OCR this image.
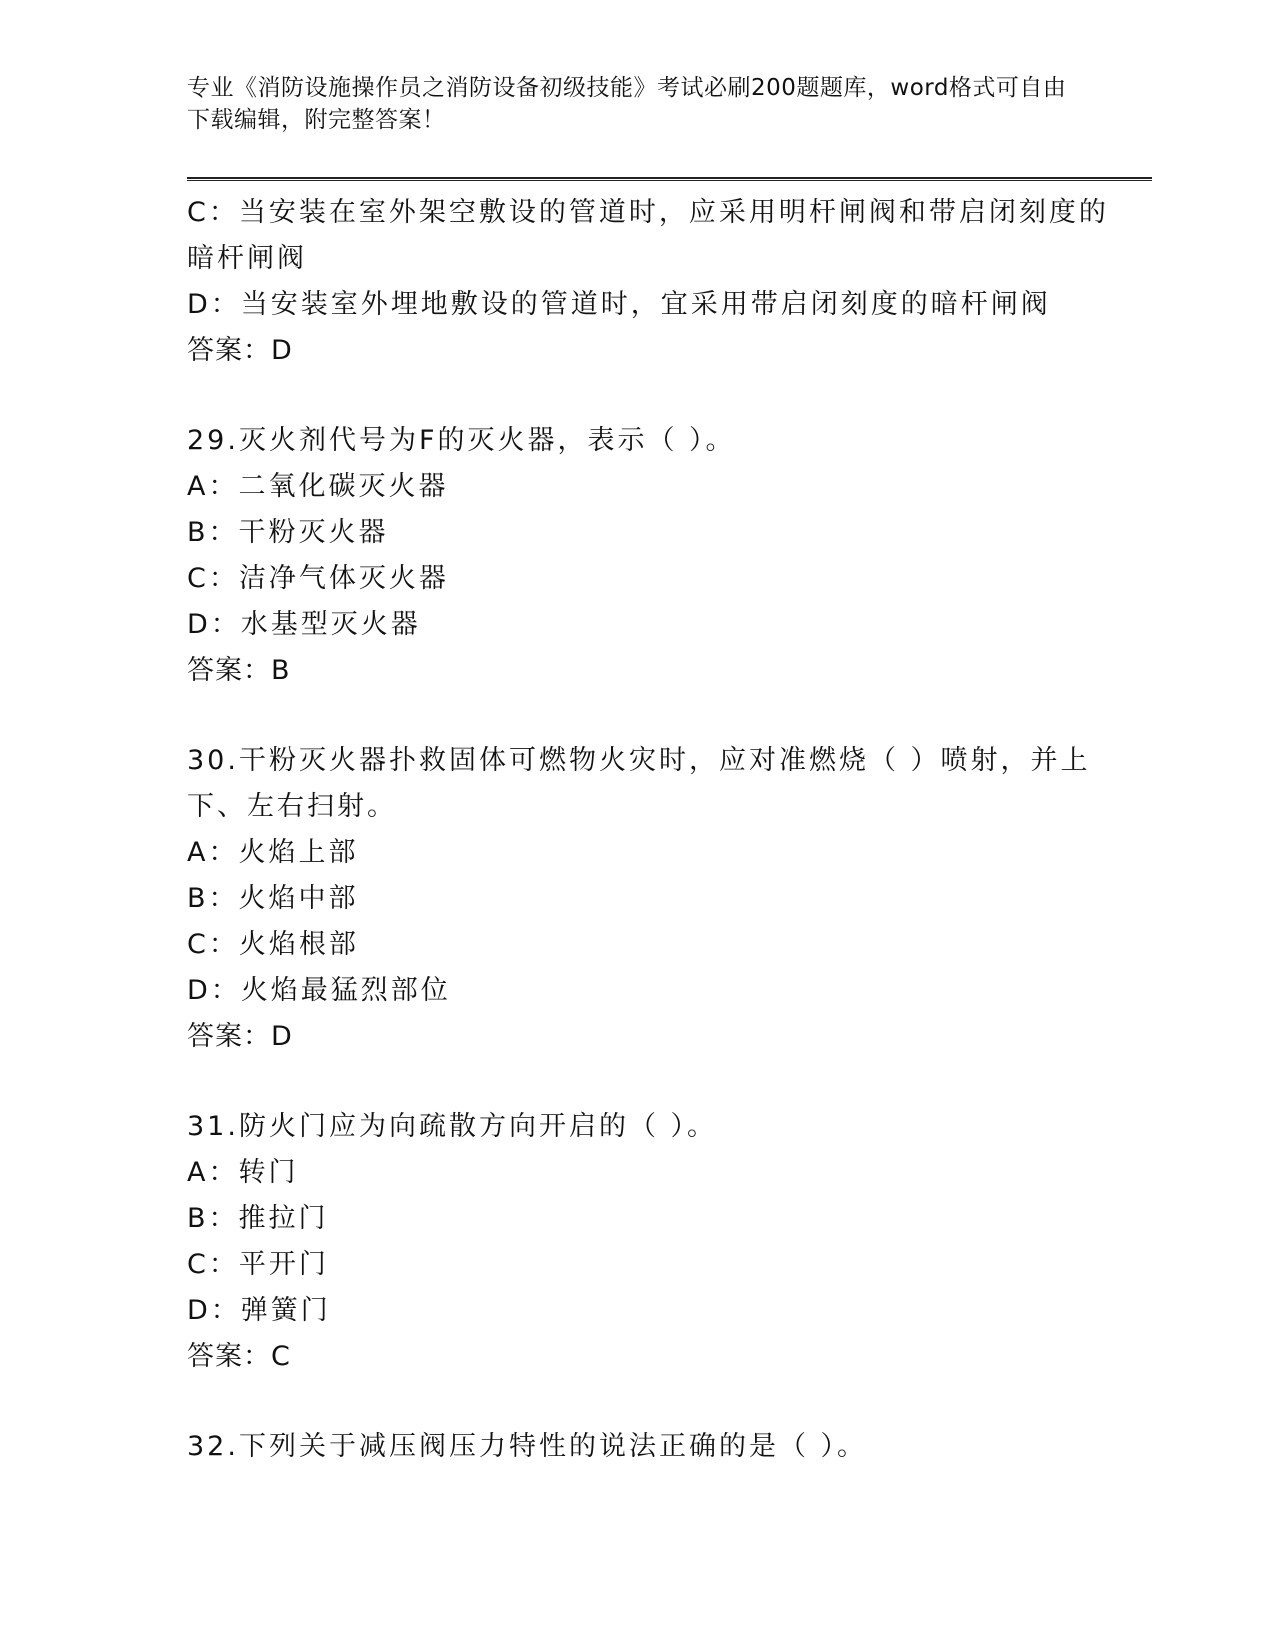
专业《消防设施操作员之消防设备初级技能》考试必刷200题题库，word格式可自由下载编辑，附完整答案！

C：当安装在室外架空敷设的管道时，应采用明杆闸阀和带启闭刻度的

暗杆闸阀

D：当安装室外埋地敷设的管道时，宜采用带启闭刻度的暗杆闸阀

答案：D

29.灭火剂代号为F的灭火器，表示（ ）。

A：二氧化碳灭火器

B：干粉灭火器

C：洁净气体灭火器

D：水基型灭火器

答案：B

30.干粉灭火器扑救固体可燃物火灾时，应对准燃烧（ ）喷射，并上

下、左右扫射。

A：火焰上部

B：火焰中部

C：火焰根部

D：火焰最猛烈部位

答案：D

31.防火门应为向疏散方向开启的（ ）。

A：转门

B：推拉门

C：平开门

D：弹簧门

答案：C

32.下列关于减压阀压力特性的说法正确的是（ ）。
